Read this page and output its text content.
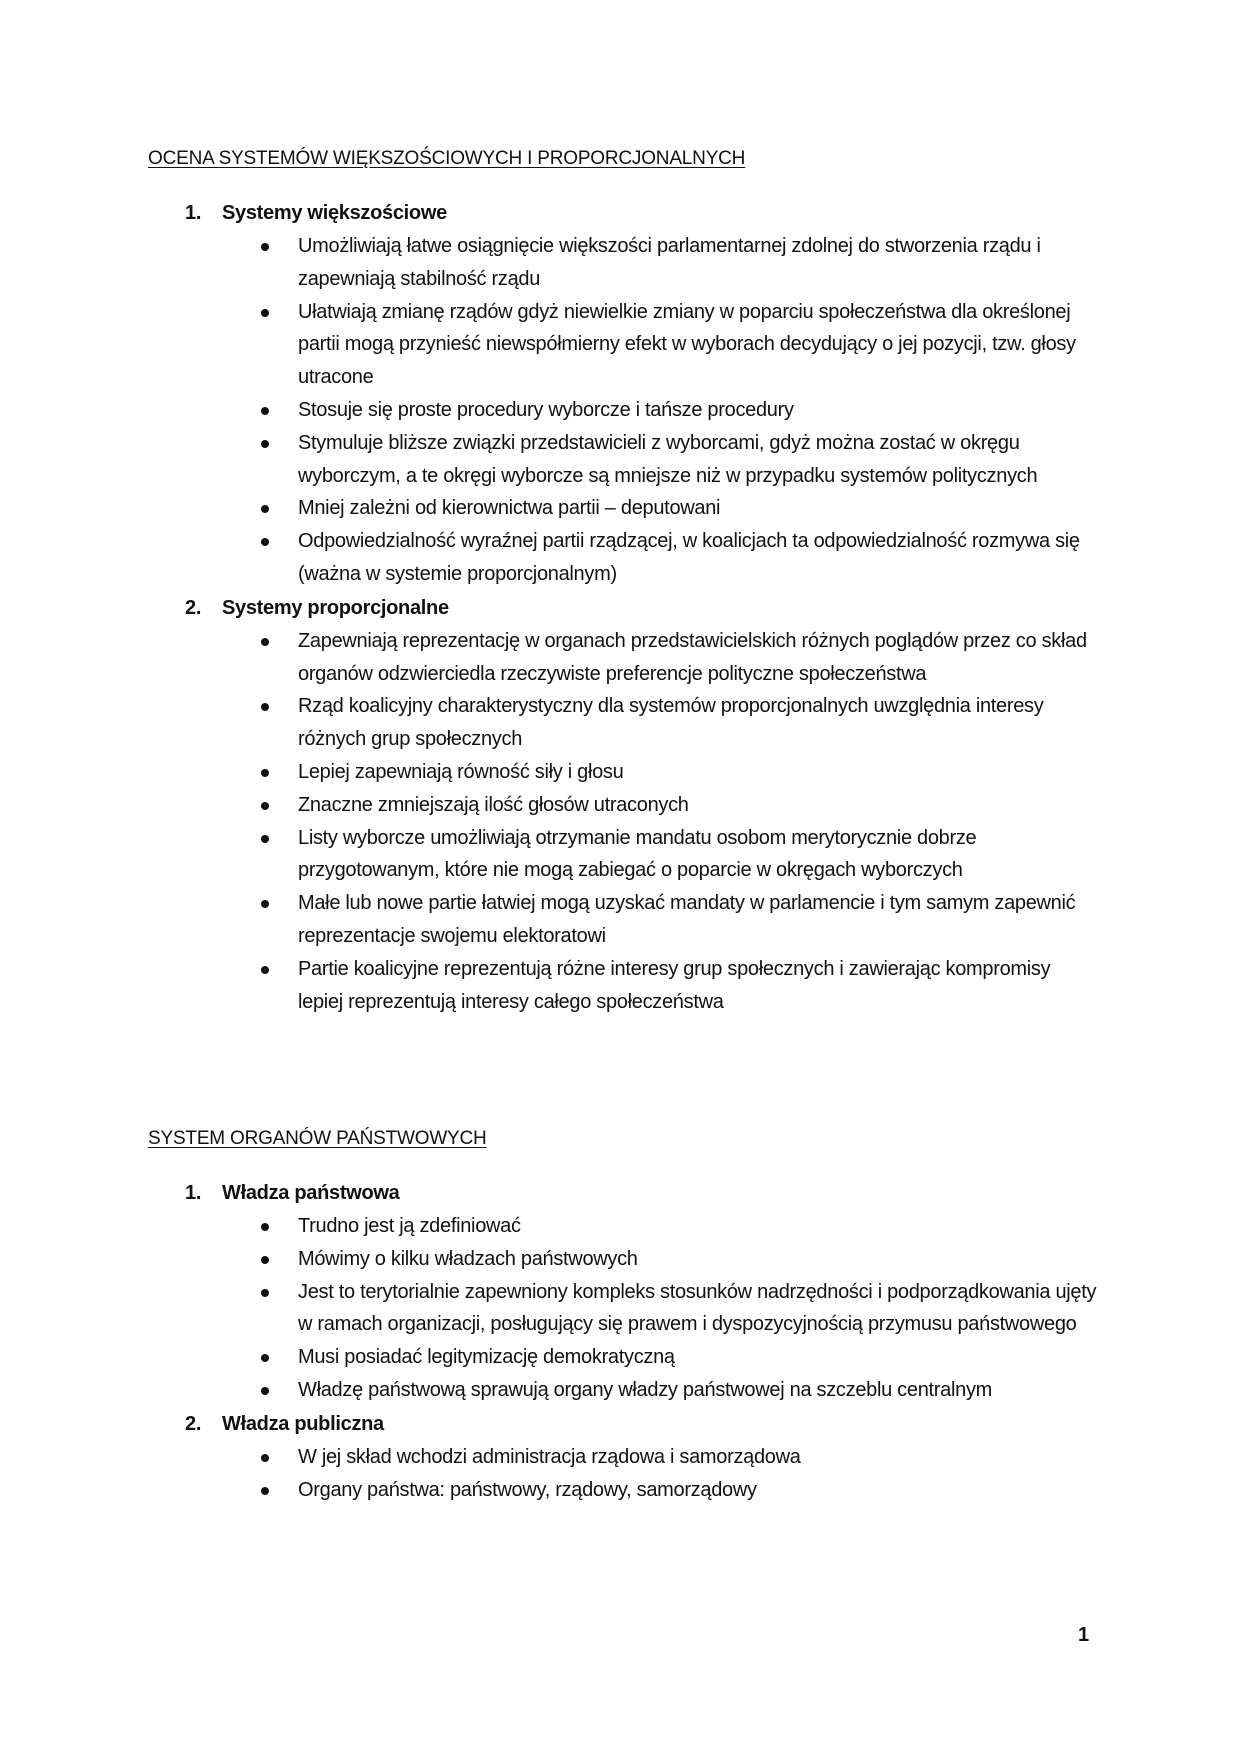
OCENA SYSTEMÓW WIĘKSZOŚCIOWYCH I PROPORCJONALNYCH
1. Systemy większościowe
Umożliwiają łatwe osiągnięcie większości parlamentarnej zdolnej do stworzenia rządu i zapewniają stabilność rządu
Ułatwiają zmianę rządów gdyż niewielkie zmiany w poparciu społeczeństwa dla określonej partii mogą przynieść niewspółmierny efekt w wyborach decydujący o jej pozycji, tzw. głosy utracone
Stosuje się proste procedury wyborcze i tańsze procedury
Stymuluje bliższe związki przedstawicieli z wyborcami, gdyż można zostać w okręgu wyborczym, a te okręgi wyborcze są mniejsze niż w przypadku systemów politycznych
Mniej zależni od kierownictwa partii – deputowani
Odpowiedzialność wyraźnej partii rządzącej, w koalicjach ta odpowiedzialność rozmywa się (ważna w systemie proporcjonalnym)
2. Systemy proporcjonalne
Zapewniają reprezentację w organach przedstawicielskich różnych poglądów przez co skład organów odzwierciedla rzeczywiste preferencje polityczne społeczeństwa
Rząd koalicyjny charakterystyczny dla systemów proporcjonalnych uwzględnia interesy różnych grup społecznych
Lepiej zapewniają równość siły i głosu
Znaczne zmniejszają ilość głosów utraconych
Listy wyborcze umożliwiają otrzymanie mandatu osobom merytorycznie dobrze przygotowanym, które nie mogą zabiegać o poparcie w okręgach wyborczych
Małe lub nowe partie łatwiej mogą uzyskać mandaty w parlamencie i tym samym zapewnić reprezentacje swojemu elektoratowi
Partie koalicyjne reprezentują różne interesy grup społecznych i zawierając kompromisy lepiej reprezentują interesy całego społeczeństwa
SYSTEM ORGANÓW PAŃSTWOWYCH
1. Władza państwowa
Trudno jest ją zdefiniować
Mówimy o kilku władzach państwowych
Jest to terytorialnie zapewniony kompleks stosunków nadrzędności i podporządkowania ujęty w ramach organizacji, posługujący się prawem i dyspozycyjnością przymusu państwowego
Musi posiadać legitymizację demokratyczną
Władzę państwową sprawują organy władzy państwowej na szczeblu centralnym
2. Władza publiczna
W jej skład wchodzi administracja rządowa i samorządowa
Organy państwa: państwowy, rządowy, samorządowy
1
